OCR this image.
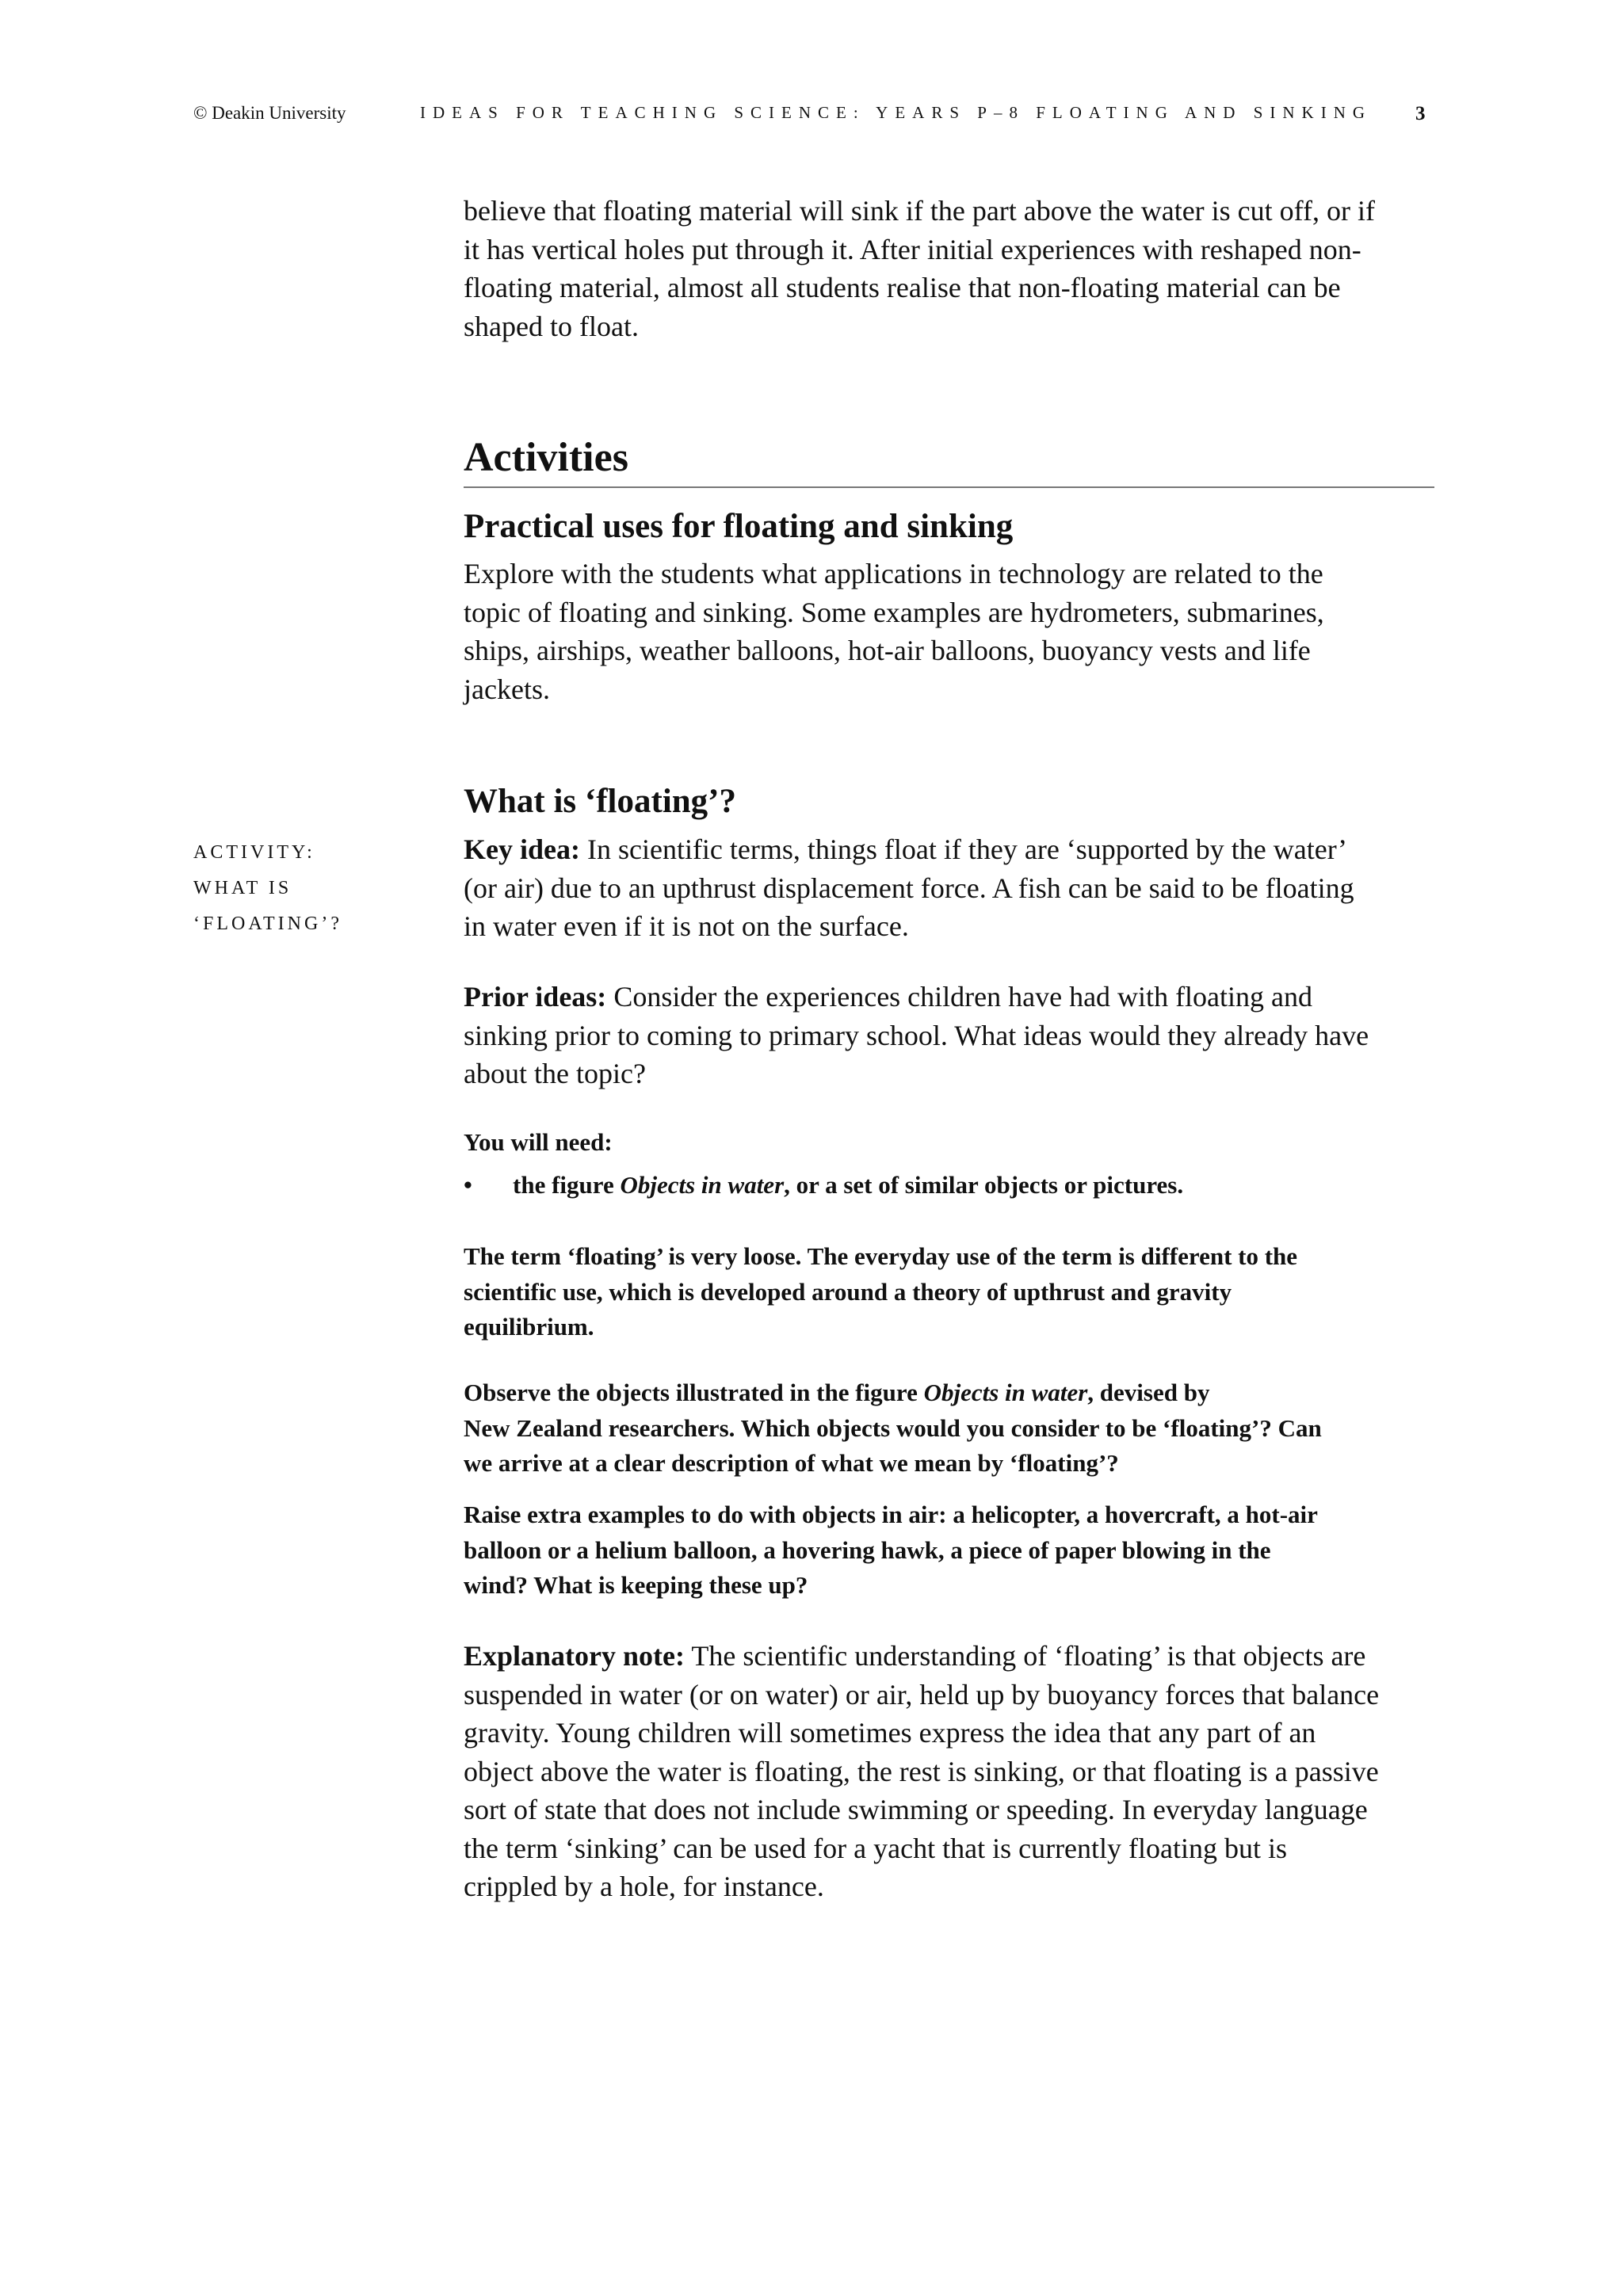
© Deakin University	IDEAS FOR TEACHING SCIENCE: YEARS P–8 FLOATING AND SINKING 3

believe that floating material will sink if the part above the water is cut off, or if
it has vertical holes put through it. After initial experiences with reshaped non-
floating material, almost all students realise that non-floating material can be
shaped to float.

Activities
Practical uses for floating and sinking

Explore with the students what applications in technology are related to the
topic of floating and sinking. Some examples are hydrometers, submarines,
ships, airships, weather balloons, hot-air balloons, buoyancy vests and life
jackets.

What is ‘floating’?
ACTIVITY:
WHAT IS
‘FLOATING’?

Key idea: In scientific terms, things float if they are ‘supported by the water’
(or air) due to an upthrust displacement force. A fish can be said to be floating
in water even if it is not on the surface.

Prior ideas: Consider the experiences children have had with floating and
sinking prior to coming to primary school. What ideas would they already have
about the topic?

You will need:
• the figure Objects in water, or a set of similar objects or pictures.

The term ‘floating’ is very loose. The everyday use of the term is different to the
scientific use, which is developed around a theory of upthrust and gravity
equilibrium.

Observe the objects illustrated in the figure Objects in water, devised by
New Zealand researchers. Which objects would you consider to be ‘floating’? Can
we arrive at a clear description of what we mean by ‘floating’?

Raise extra examples to do with objects in air: a helicopter, a hovercraft, a hot-air
balloon or a helium balloon, a hovering hawk, a piece of paper blowing in the
wind? What is keeping these up?

Explanatory note: The scientific understanding of ‘floating’ is that objects are
suspended in water (or on water) or air, held up by buoyancy forces that balance
gravity. Young children will sometimes express the idea that any part of an
object above the water is floating, the rest is sinking, or that floating is a passive
sort of state that does not include swimming or speeding. In everyday language
the term ‘sinking’ can be used for a yacht that is currently floating but is
crippled by a hole, for instance.
